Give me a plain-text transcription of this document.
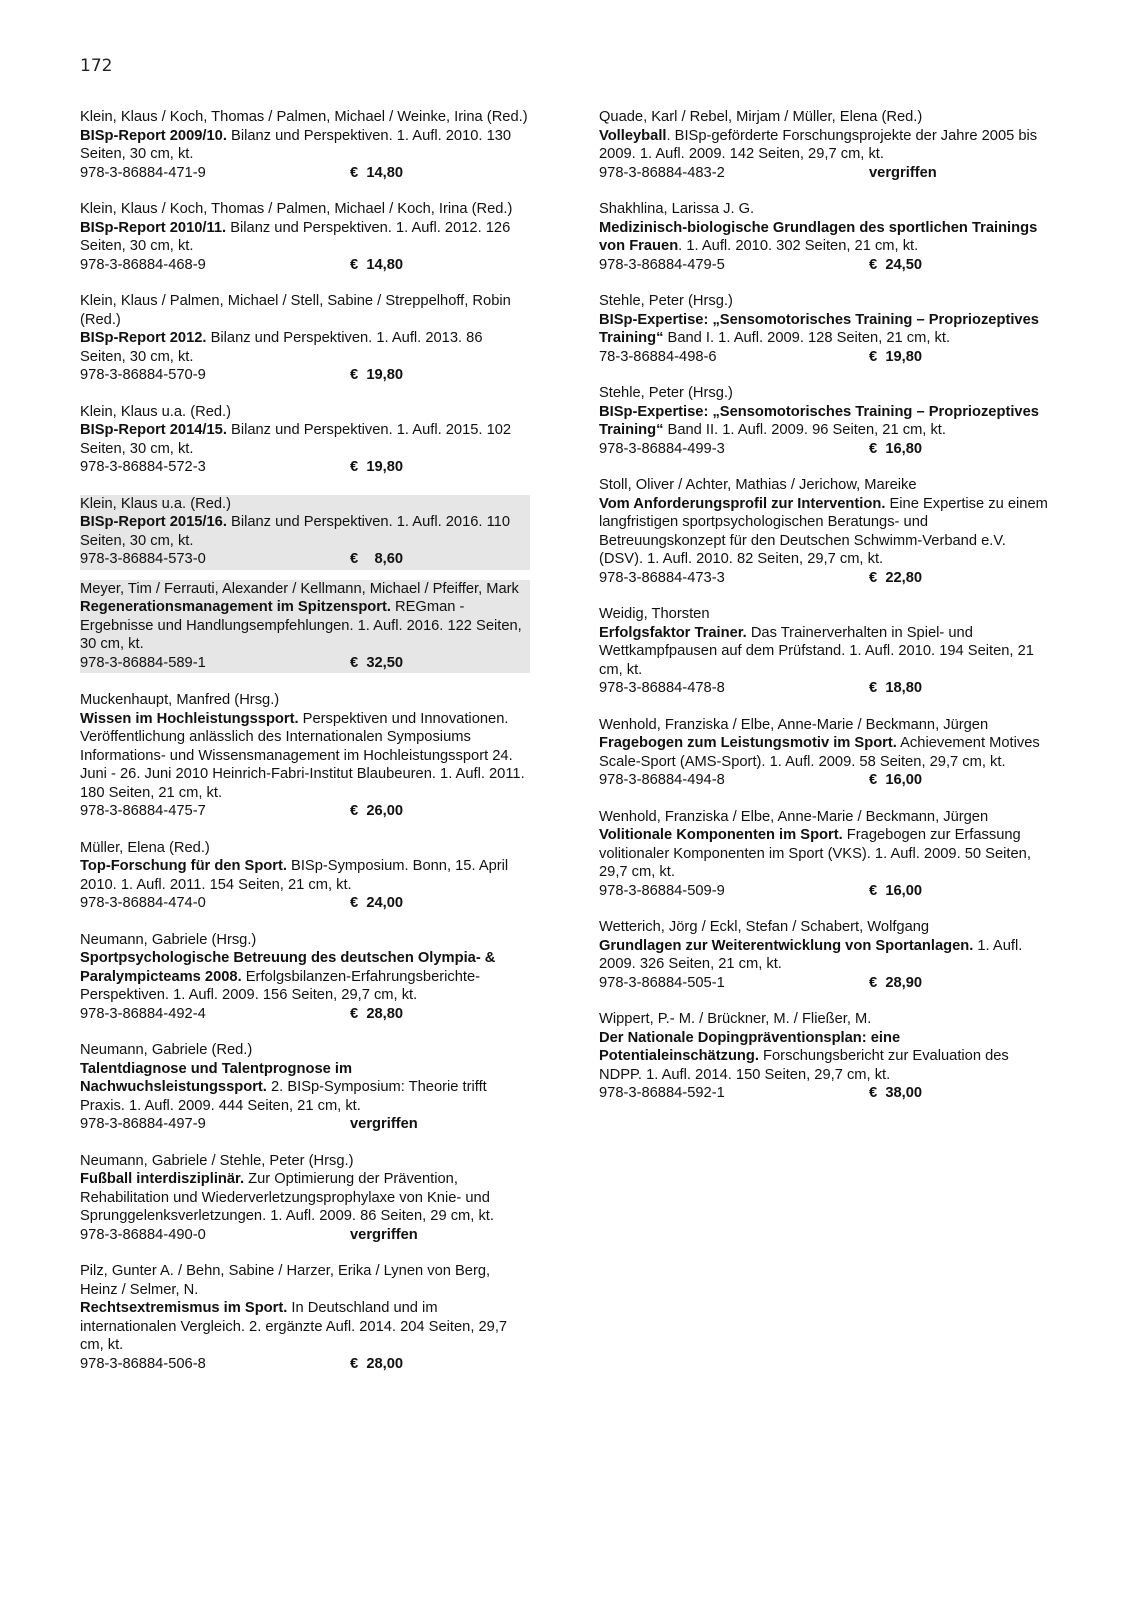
172
Klein, Klaus / Koch, Thomas / Palmen, Michael / Weinke, Irina (Red.)
BISp-Report 2009/10. Bilanz und Perspektiven. 1. Aufl. 2010. 130 Seiten, 30 cm, kt.
978-3-86884-471-9	€  14,80
Klein, Klaus / Koch, Thomas / Palmen, Michael / Koch, Irina (Red.)
BISp-Report 2010/11. Bilanz und Perspektiven. 1. Aufl. 2012. 126 Seiten, 30 cm, kt.
978-3-86884-468-9	€  14,80
Klein, Klaus / Palmen, Michael / Stell, Sabine / Streppelhoff, Robin (Red.)
BISp-Report 2012. Bilanz und Perspektiven. 1. Aufl. 2013. 86 Seiten, 30 cm, kt.
978-3-86884-570-9	€  19,80
Klein, Klaus u.a. (Red.)
BISp-Report 2014/15. Bilanz und Perspektiven. 1. Aufl. 2015. 102 Seiten, 30 cm, kt.
978-3-86884-572-3	€  19,80
Klein, Klaus u.a. (Red.)
BISp-Report 2015/16. Bilanz und Perspektiven. 1. Aufl. 2016. 110 Seiten, 30 cm, kt.
978-3-86884-573-0	€    8,60
Meyer, Tim / Ferrauti, Alexander / Kellmann, Michael / Pfeiffer, Mark
Regenerationsmanagement im Spitzensport. REGman - Ergebnisse und Handlungsempfehlungen. 1. Aufl. 2016. 122 Seiten, 30 cm, kt.
978-3-86884-589-1	€  32,50
Muckenhaupt, Manfred (Hrsg.)
Wissen im Hochleistungssport. Perspektiven und Innovationen. Veröffentlichung anlässlich des Internationalen Symposiums Informations- und Wissensmanagement im Hochleistungssport 24. Juni - 26. Juni 2010 Heinrich-Fabri-Institut Blaubeuren. 1. Aufl. 2011. 180 Seiten, 21 cm, kt.
978-3-86884-475-7	€  26,00
Müller, Elena (Red.)
Top-Forschung für den Sport. BISp-Symposium. Bonn, 15. April 2010. 1. Aufl. 2011. 154 Seiten, 21 cm, kt.
978-3-86884-474-0	€  24,00
Neumann, Gabriele (Hrsg.)
Sportpsychologische Betreuung des deutschen Olympia- & Paralympicteams 2008. Erfolgsbilanzen-Erfahrungsberichte-Perspektiven. 1. Aufl. 2009. 156 Seiten, 29,7 cm, kt.
978-3-86884-492-4	€  28,80
Neumann, Gabriele (Red.)
Talentdiagnose und Talentprognose im Nachwuchsleistungssport. 2. BISp-Symposium: Theorie trifft Praxis. 1. Aufl. 2009. 444 Seiten, 21 cm, kt.
978-3-86884-497-9	vergriffen
Neumann, Gabriele / Stehle, Peter (Hrsg.)
Fußball interdisziplinär. Zur Optimierung der Prävention, Rehabilitation und Wiederverletzungsprophylaxe von Knie- und Sprunggelenksverletzungen. 1. Aufl. 2009. 86 Seiten, 29 cm, kt.
978-3-86884-490-0	vergriffen
Pilz, Gunter A. / Behn, Sabine / Harzer, Erika / Lynen von Berg, Heinz / Selmer, N.
Rechtsextremismus im Sport. In Deutschland und im internationalen Vergleich. 2. ergänzte Aufl. 2014. 204 Seiten, 29,7 cm, kt.
978-3-86884-506-8	€  28,00
Quade, Karl / Rebel, Mirjam / Müller, Elena (Red.)
Volleyball. BISp-geförderte Forschungsprojekte der Jahre 2005 bis 2009. 1. Aufl. 2009. 142 Seiten, 29,7 cm, kt.
978-3-86884-483-2	vergriffen
Shakhlina, Larissa J. G.
Medizinisch-biologische Grundlagen des sportlichen Trainings von Frauen. 1. Aufl. 2010. 302 Seiten, 21 cm, kt.
978-3-86884-479-5	€  24,50
Stehle, Peter (Hrsg.)
BISp-Expertise: „Sensomotorisches Training – Propriozeptives Training“ Band I. 1. Aufl. 2009. 128 Seiten, 21 cm, kt.
78-3-86884-498-6	€  19,80
Stehle, Peter (Hrsg.)
BISp-Expertise: „Sensomotorisches Training – Propriozeptives Training“ Band II. 1. Aufl. 2009. 96 Seiten, 21 cm, kt.
978-3-86884-499-3	€  16,80
Stoll, Oliver / Achter, Mathias / Jerichow, Mareike
Vom Anforderungsprofil zur Intervention. Eine Expertise zu einem langfristigen sportpsychologischen Beratungs- und Betreuungskonzept für den Deutschen Schwimm-Verband e.V. (DSV). 1. Aufl. 2010. 82 Seiten, 29,7 cm, kt.
978-3-86884-473-3	€  22,80
Weidig, Thorsten
Erfolgsfaktor Trainer. Das Trainerverhalten in Spiel- und Wettkampfpausen auf dem Prüfstand. 1. Aufl. 2010. 194 Seiten, 21 cm, kt.
978-3-86884-478-8	€  18,80
Wenhold, Franziska / Elbe, Anne-Marie / Beckmann, Jürgen
Fragebogen zum Leistungsmotiv im Sport. Achievement Motives Scale-Sport (AMS-Sport). 1. Aufl. 2009. 58 Seiten, 29,7 cm, kt.
978-3-86884-494-8	€  16,00
Wenhold, Franziska / Elbe, Anne-Marie / Beckmann, Jürgen
Volitionale Komponenten im Sport. Fragebogen zur Erfassung volitionaler Komponenten im Sport (VKS). 1. Aufl. 2009. 50 Seiten, 29,7 cm, kt.
978-3-86884-509-9	€  16,00
Wetterich, Jörg / Eckl, Stefan / Schabert, Wolfgang
Grundlagen zur Weiterentwicklung von Sportanlagen. 1. Aufl. 2009. 326 Seiten, 21 cm, kt.
978-3-86884-505-1	€  28,90
Wippert, P.- M. / Brückner, M. / Fließer, M.
Der Nationale Dopingpräventionsplan: eine Potentialeinschätzung. Forschungsbericht zur Evaluation des NDPP. 1. Aufl. 2014. 150 Seiten, 29,7 cm, kt.
978-3-86884-592-1	€  38,00
